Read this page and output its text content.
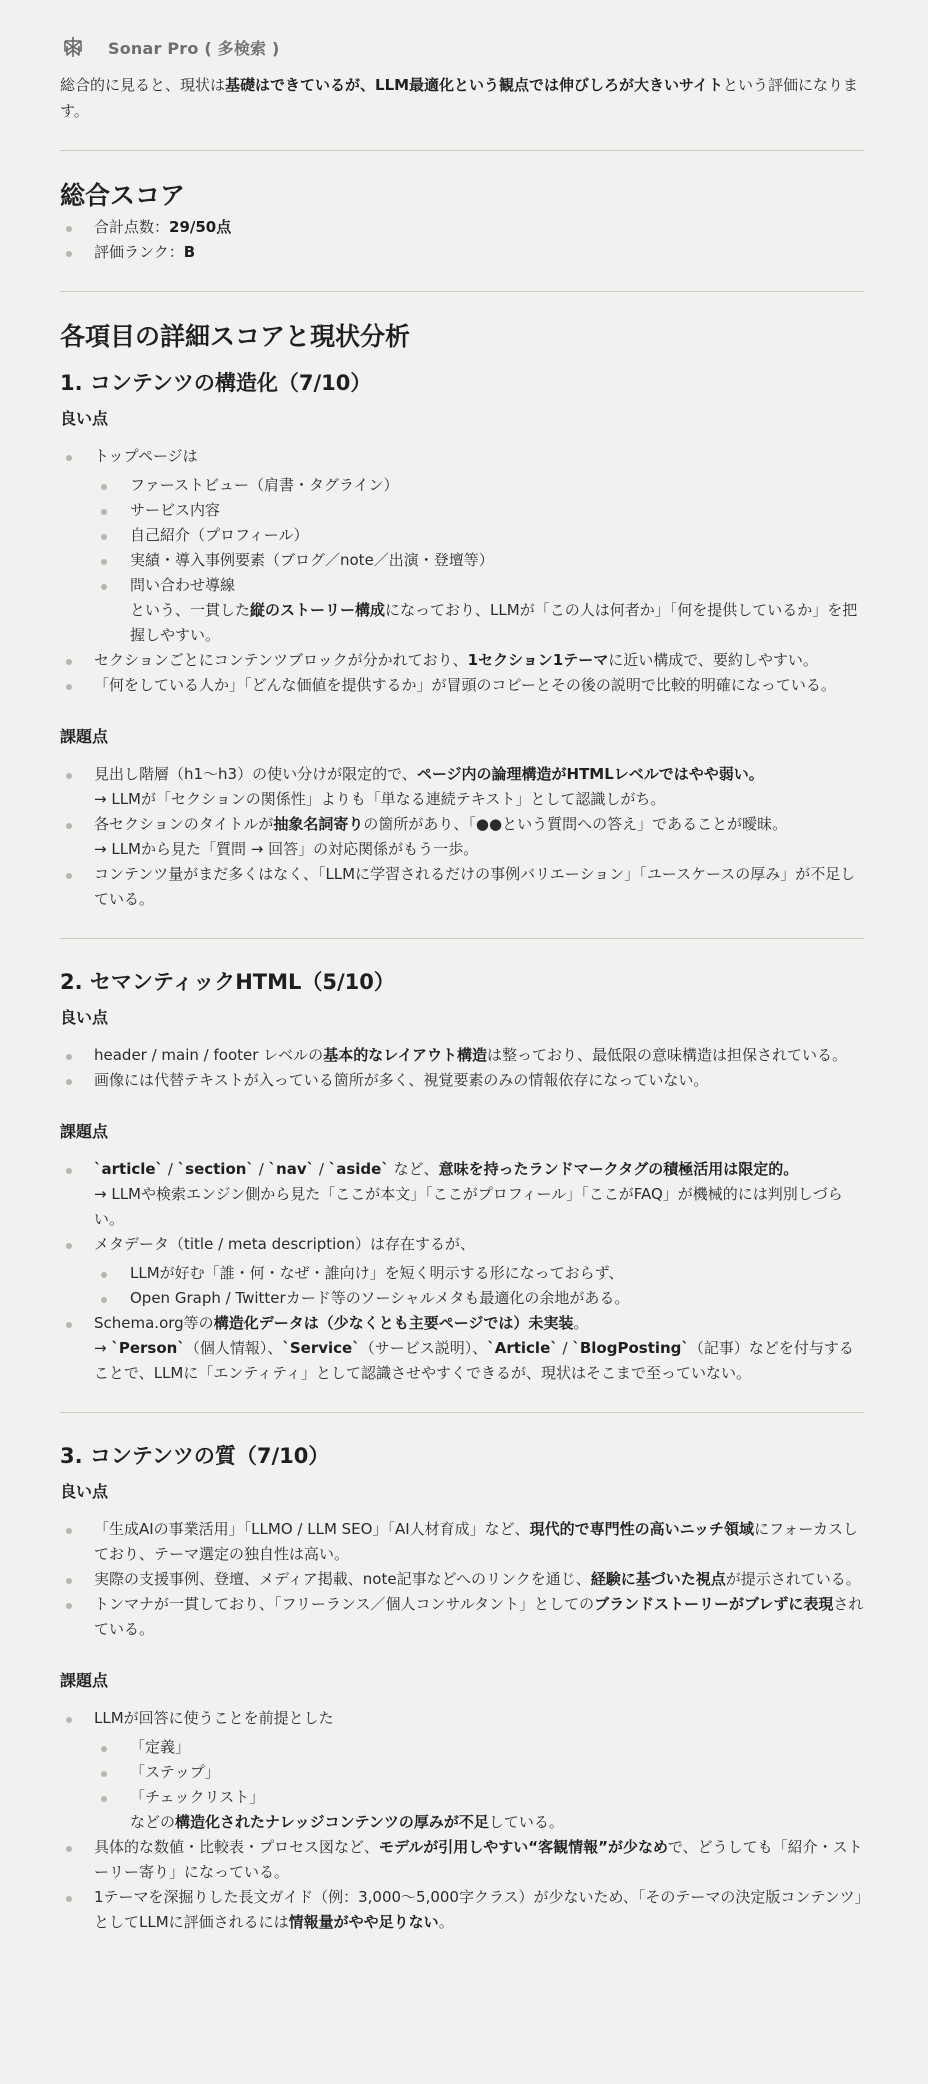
Sonar Pro ( 多検索 )

総合的に見ると、現状は基礎はできているが、LLM最適化という観点では伸びしろが大きいサイトという評価になります。

総合スコア
合計点数：29/50点
評価ランク：B
各項目の詳細スコアと現状分析
1. コンテンツの構造化（7/10）
良い点
トップページは
ファーストビュー（肩書・タグライン）
サービス内容
自己紹介（プロフィール）
実績・導入事例要素（ブログ／note／出演・登壇等）
問い合わせ導線
という、一貫した縦のストーリー構成になっており、LLMが「この人は何者か」「何を提供しているか」を把握しやすい。
セクションごとにコンテンツブロックが分かれており、1セクション1テーマに近い構成で、要約しやすい。
「何をしている人か」「どんな価値を提供するか」が冒頭のコピーとその後の説明で比較的明確になっている。
課題点
見出し階層（h1〜h3）の使い分けが限定的で、ページ内の論理構造がHTMLレベルではやや弱い。
→ LLMが「セクションの関係性」よりも「単なる連続テキスト」として認識しがち。
各セクションのタイトルが抽象名詞寄りの箇所があり、「●●という質問への答え」であることが曖昧。
→ LLMから見た「質問 → 回答」の対応関係がもう一歩。
コンテンツ量がまだ多くはなく、「LLMに学習されるだけの事例バリエーション」「ユースケースの厚み」が不足している。
2. セマンティックHTML（5/10）
良い点
header / main / footer レベルの基本的なレイアウト構造は整っており、最低限の意味構造は担保されている。
画像には代替テキストが入っている箇所が多く、視覚要素のみの情報依存になっていない。
課題点
`article` / `section` / `nav` / `aside` など、意味を持ったランドマークタグの積極活用は限定的。
→ LLMや検索エンジン側から見た「ここが本文」「ここがプロフィール」「ここがFAQ」が機械的には判別しづらい。
メタデータ（title / meta description）は存在するが、
LLMが好む「誰・何・なぜ・誰向け」を短く明示する形になっておらず、
Open Graph / Twitterカード等のソーシャルメタも最適化の余地がある。
Schema.org等の構造化データは（少なくとも主要ページでは）未実装。
→ `Person`（個人情報）、`Service`（サービス説明）、`Article` / `BlogPosting`（記事）などを付与することで、LLMに「エンティティ」として認識させやすくできるが、現状はそこまで至っていない。
3. コンテンツの質（7/10）
良い点
「生成AIの事業活用」「LLMO / LLM SEO」「AI人材育成」など、現代的で専門性の高いニッチ領域にフォーカスしており、テーマ選定の独自性は高い。
実際の支援事例、登壇、メディア掲載、note記事などへのリンクを通じ、経験に基づいた視点が提示されている。
トンマナが一貫しており、「フリーランス／個人コンサルタント」としてのブランドストーリーがブレずに表現されている。
課題点
LLMが回答に使うことを前提とした
「定義」
「ステップ」
「チェックリスト」
などの構造化されたナレッジコンテンツの厚みが不足している。
具体的な数値・比較表・プロセス図など、モデルが引用しやすい“客観情報”が少なめで、どうしても「紹介・ストーリー寄り」になっている。
1テーマを深掘りした長文ガイド（例：3,000〜5,000字クラス）が少ないため、「そのテーマの決定版コンテンツ」としてLLMに評価されるには情報量がやや足りない。
